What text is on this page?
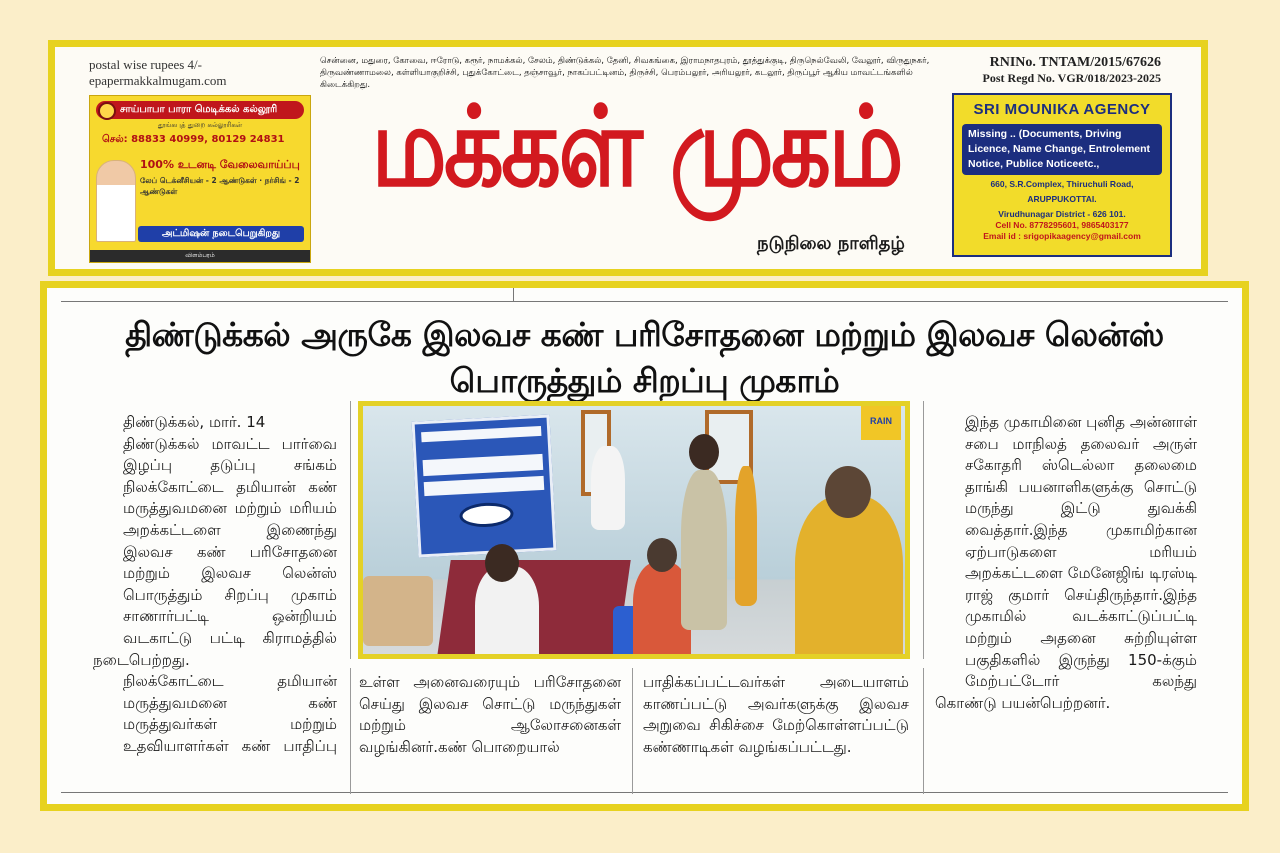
postal wise rupees 4/-
epapermakkalmugam.com
சென்னை, மதுரை, கோவை, ஈரோடு, கரூர், நாமக்கல், சேலம், திண்டுக்கல், தேனி, சிவகங்கை, இராமநாதபுரம், தூத்துக்குடி, திருநெல்வேலி, வேலூர், விருதுநகர், திருவண்ணாமலை, கள்ளியாகுறிச்சி, புதுக்கோட்டை, தஞ்சாவூர், நாகப்பட்டினம், திருச்சி, பெரம்பலூர், அரியலூர், கடலூர், திருப்பூர் ஆகிய மாவட்டங்களில் கிடைக்கிறது.
RNINo. TNTAM/2015/67626
Post Regd No. VGR/018/2023-2025
சாய்பாபா பாரா மெடிக்கல் கல்லூரி
தூங்கபுத் துறை கல்லூரிகள்
செல்: 88833 40999, 80129 24831
100% உடனடி வேலைவாய்ப்பு
லேப் டெக்னீசியன் - 2 ஆண்டுகள் · நர்சிங் - 2 ஆண்டுகள்
அட்மிஷன் நடைபெறுகிறது
விளம்பரம்
மக்கள் முகம்
நடுநிலை நாளிதழ்
SRI MOUNIKA AGENCY
Missing .. (Documents, Driving Licence, Name Change, Entrolement Notice, Publice Noticeetc.,
660, S.R.Complex, Thiruchuli Road,
ARUPPUKOTTAI.
Virudhunagar District - 626 101.
Cell No. 8778295601, 9865403177
Email id : srigopikaagency@gmail.com
திண்டுக்கல் அருகே இலவச கண் பரிசோதனை மற்றும் இலவச லென்ஸ்
பொருத்தும் சிறப்பு முகாம்

திண்டுக்கல், மார். 14

திண்டுக்கல் மாவட்ட பார்வை இழப்பு தடுப்பு சங்கம் நிலக்கோட்டை தமியான் கண் மருத்துவமனை மற்றும் மரியம் அறக்கட்டளை இணைந்து இலவச கண் பரிசோதனை மற்றும் இலவச லென்ஸ் பொருத்தும் சிறப்பு முகாம் சாணார்பட்டி ஒன்றியம் வடகாட்டு பட்டி கிராமத்தில்

நடைபெற்றது.

நிலக்கோட்டை தமியான் மருத்துவமனை கண் மருத்துவர்கள் மற்றும் உதவியாளர்கள் கண் பாதிப்பு

RAIN

உள்ள அனைவரையும் பரிசோதனை செய்து இலவச சொட்டு மருந்துகள் மற்றும் ஆலோசனைகள்

வழங்கினர்.கண் பொறையால்

பாதிக்கப்பட்டவர்கள் அடையாளம் காணப்பட்டு அவர்களுக்கு இலவச அறுவை சிகிச்சை மேற்கொள்ளப்பட்டு

கண்ணாடிகள் வழங்கப்பட்டது.

இந்த முகாமினை புனித அன்னாள் சபை மாநிலத் தலைவர் அருள் சகோதரி ஸ்டெல்லா தலைமை தாங்கி பயனாளிகளுக்கு சொட்டு மருந்து இட்டு துவக்கி வைத்தார்.இந்த முகாமிற்கான ஏற்பாடுகளை மரியம் அறக்கட்டளை மேனேஜிங் டிரஸ்டி ராஜ் குமார் செய்திருந்தார்.இந்த முகாமில் வடக்காட்டுப்பட்டி மற்றும் அதனை சுற்றியுள்ள பகுதிகளில் இருந்து 150-க்கும் மேற்பட்டோர் கலந்து

கொண்டு பயன்பெற்றனர்.
